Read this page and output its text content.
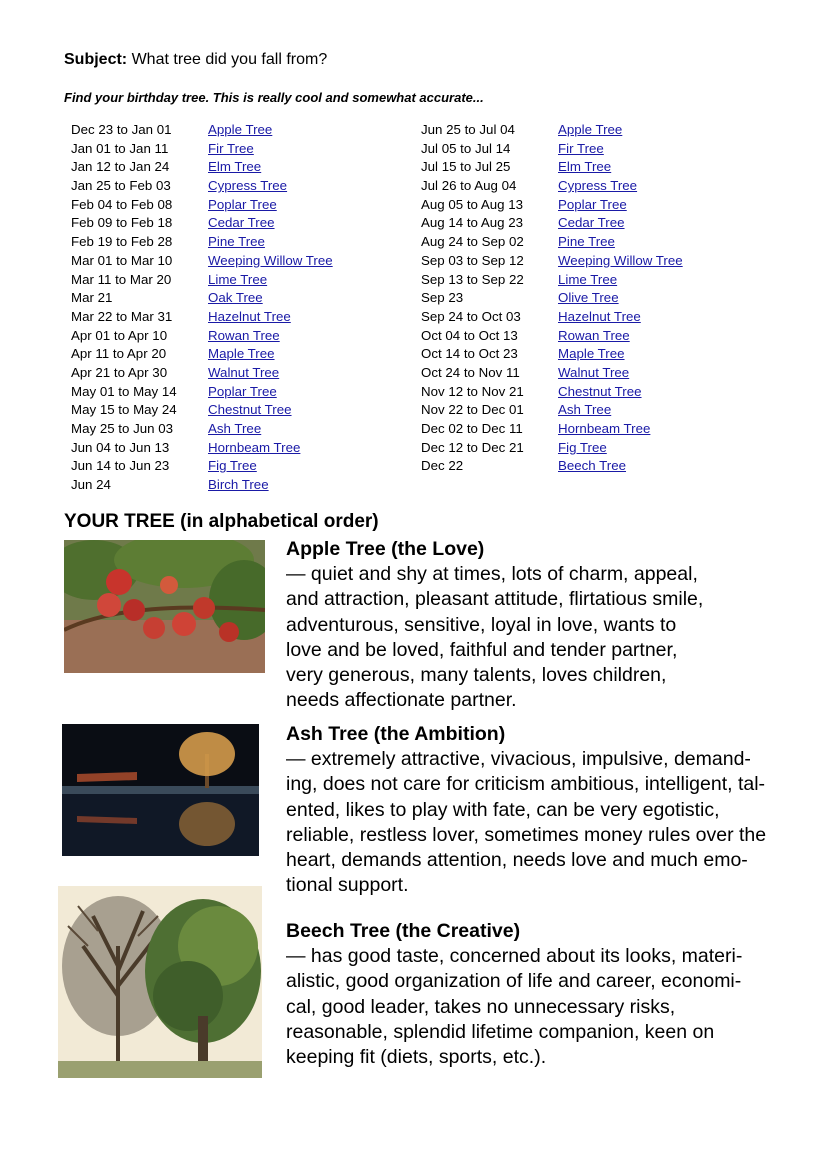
Subject: What tree did you fall from?
Find your birthday tree. This is really cool and somewhat accurate...
Dec 23 to Jan 01	Apple Tree
Jan 01 to Jan 11	Fir Tree
Jan 12 to Jan 24	Elm Tree
Jan 25 to Feb 03	Cypress Tree
Feb 04 to Feb 08	Poplar Tree
Feb 09 to Feb 18	Cedar Tree
Feb 19 to Feb 28	Pine Tree
Mar 01 to Mar 10	Weeping Willow Tree
Mar 11 to Mar 20	Lime Tree
Mar 21	Oak Tree
Mar 22 to Mar 31	Hazelnut Tree
Apr 01 to Apr 10	Rowan Tree
Apr 11 to Apr 20	Maple Tree
Apr 21 to Apr 30	Walnut Tree
May 01 to May 14	Poplar Tree
May 15 to May 24	Chestnut Tree
May 25 to Jun 03	Ash Tree
Jun 04 to Jun 13	Hornbeam Tree
Jun 14 to Jun 23	Fig Tree
Jun 24	Birch Tree
Jun 25 to Jul 04	Apple Tree
Jul 05 to Jul 14	Fir Tree
Jul 15 to Jul 25	Elm Tree
Jul 26 to Aug 04	Cypress Tree
Aug 05 to Aug 13	Poplar Tree
Aug 14 to Aug 23	Cedar Tree
Aug 24 to Sep 02	Pine Tree
Sep 03 to Sep 12	Weeping Willow Tree
Sep 13 to Sep 22	Lime Tree
Sep 23	Olive Tree
Sep 24 to Oct 03	Hazelnut Tree
Oct 04 to Oct 13	Rowan Tree
Oct 14 to Oct 23	Maple Tree
Oct 24 to Nov 11	Walnut Tree
Nov 12 to Nov 21	Chestnut Tree
Nov 22 to Dec 01	Ash Tree
Dec 02 to Dec 11	Hornbeam Tree
Dec 12 to Dec 21	Fig Tree
Dec 22	Beech Tree
YOUR TREE (in alphabetical order)
Apple Tree (the Love)
— quiet and shy at times, lots of charm, appeal,
and attraction, pleasant attitude, flirtatious smile,
adventurous, sensitive, loyal in love, wants to
love and be loved, faithful and tender partner,
very generous, many talents, loves children,
needs affectionate partner.
Ash Tree (the Ambition)
— extremely attractive, vivacious, impulsive, demand-
ing, does not care for criticism ambitious, intelligent, tal-
ented, likes to play with fate, can be very egotistic,
reliable, restless lover, sometimes money rules over the
heart, demands attention, needs love and much emo-
tional support.
Beech Tree (the Creative)
— has good taste, concerned about its looks, materi-
alistic, good organization of life and career, economi-
cal, good leader, takes no unnecessary risks,
reasonable, splendid lifetime companion, keen on
keeping fit (diets, sports, etc.).
